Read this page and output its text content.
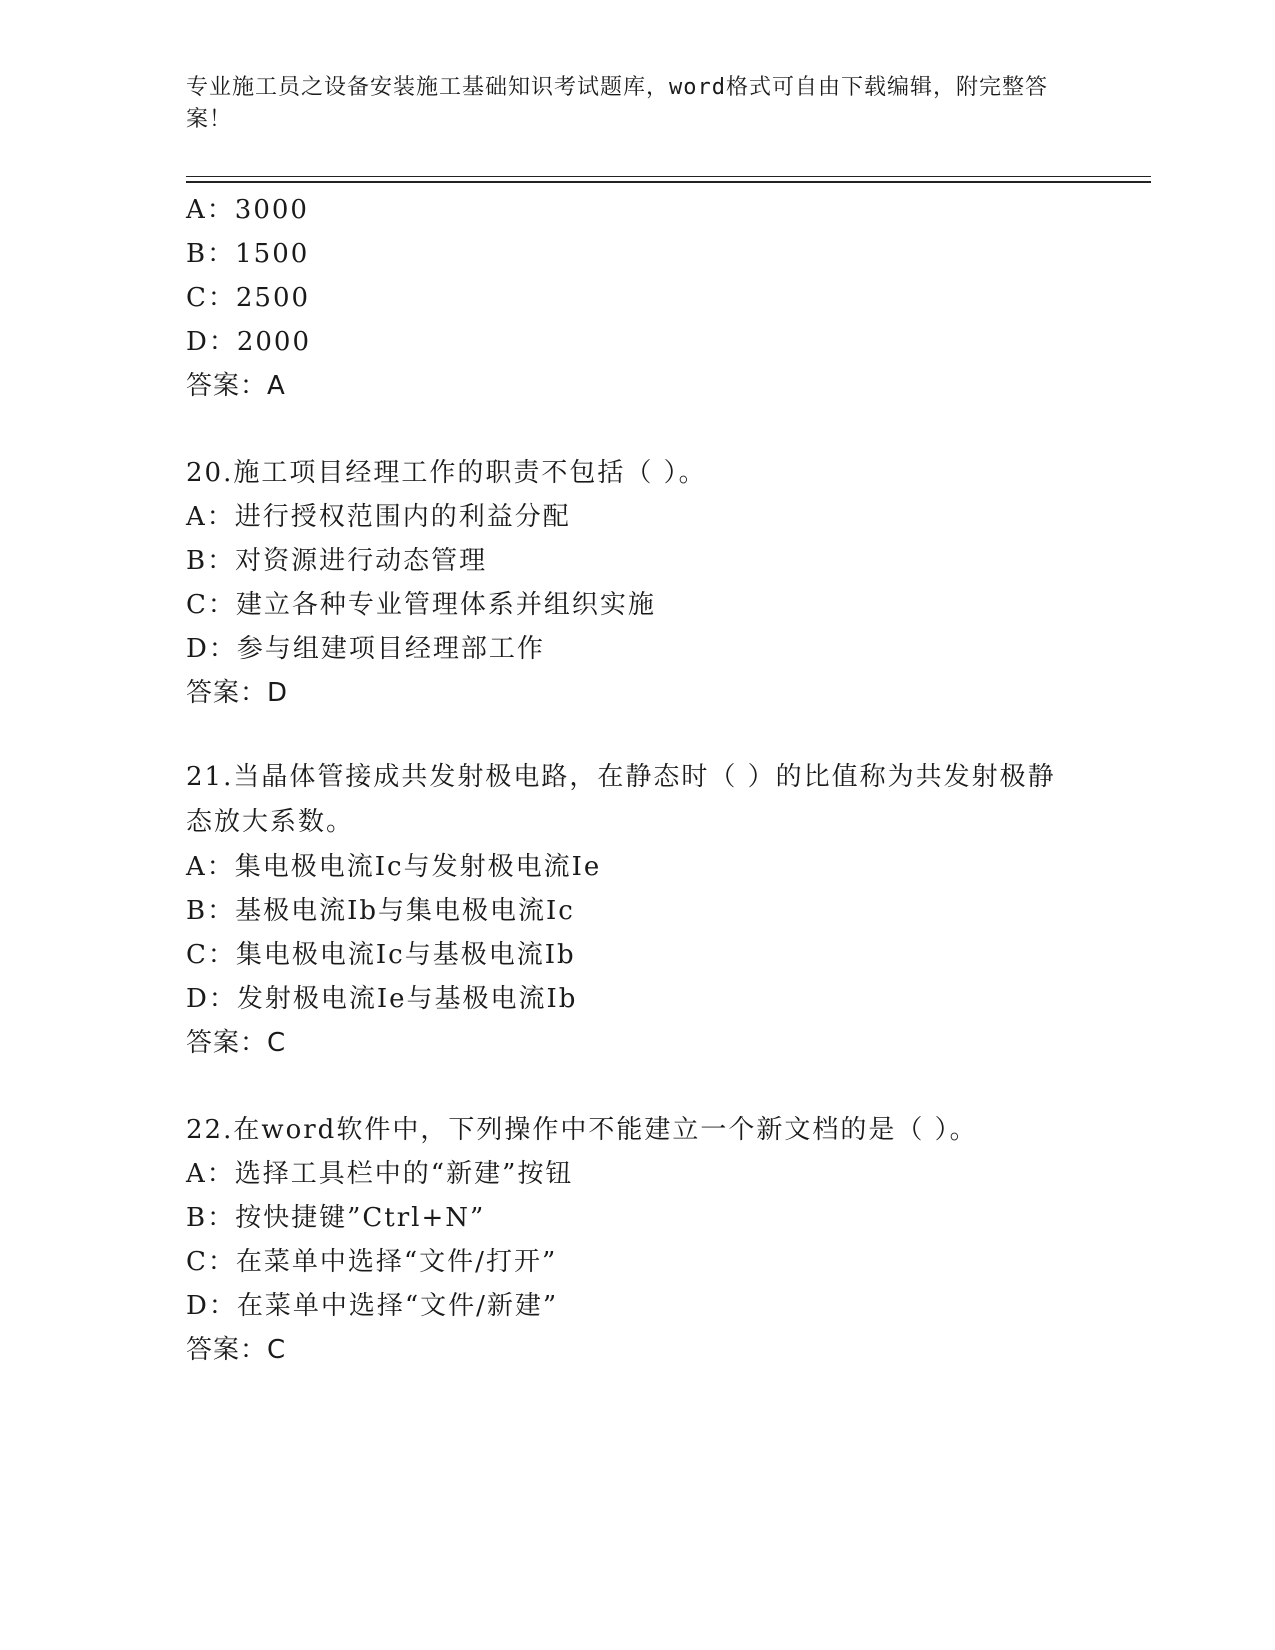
专业施工员之设备安装施工基础知识考试题库，word格式可自由下载编辑，附完整答案！
A：3000
B：1500
C：2500
D：2000
答案：A
20.施工项目经理工作的职责不包括（ ）。
A：进行授权范围内的利益分配
B：对资源进行动态管理
C：建立各种专业管理体系并组织实施
D：参与组建项目经理部工作
答案：D
21.当晶体管接成共发射极电路，在静态时（ ）的比值称为共发射极静态放大系数。
A：集电极电流Ic与发射极电流Ie
B：基极电流Ib与集电极电流Ic
C：集电极电流Ic与基极电流Ib
D：发射极电流Ie与基极电流Ib
答案：C
22.在word软件中，下列操作中不能建立一个新文档的是（ ）。
A：选择工具栏中的“新建”按钮
B：按快捷键”Ctrl+N”
C：在菜单中选择“文件/打开”
D：在菜单中选择“文件/新建”
答案：C
